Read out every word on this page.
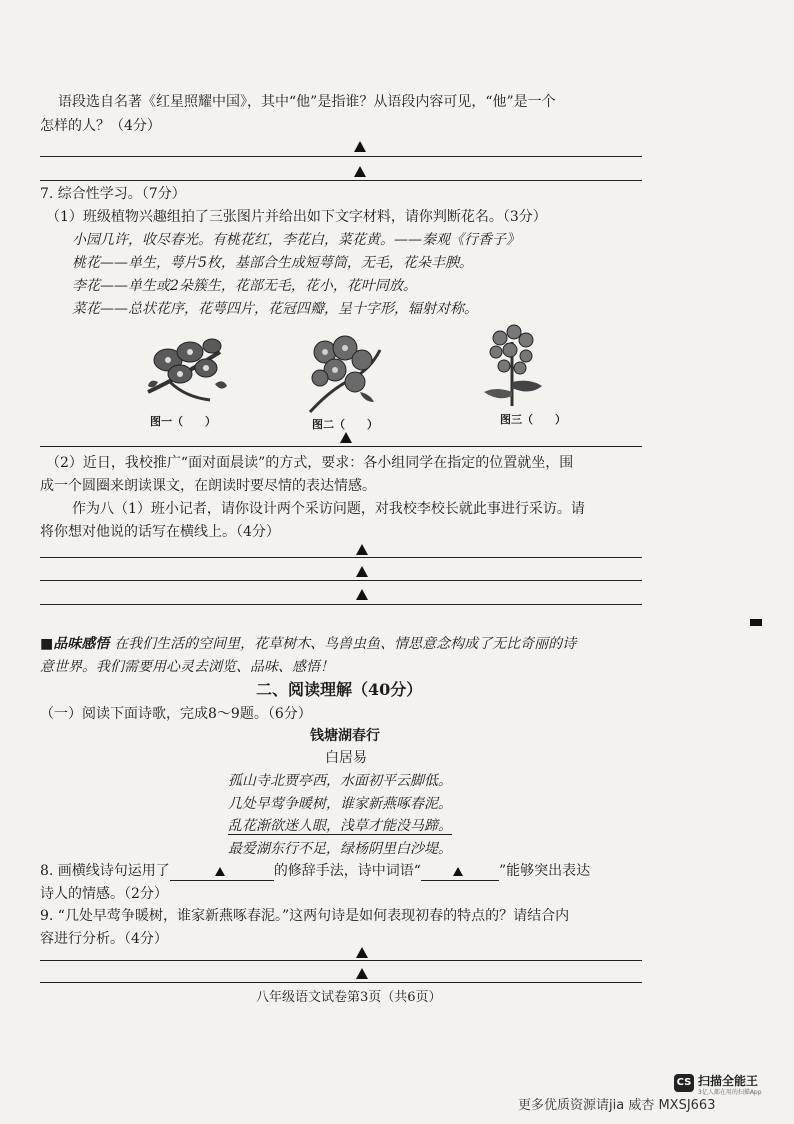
语段选自名著《红星照耀中国》，其中“他”是指谁？从语段内容可见，“他”是一个
怎样的人？（4分）
7. 综合性学习。（7分）
（1）班级植物兴趣组拍了三张图片并给出如下文字材料，请你判断花名。（3分）
小园几许，收尽春光。有桃花红，李花白，菜花黄。——秦观《行香子》
桃花——单生，萼片5枚，基部合生成短萼筒，无毛，花朵丰腴。
李花——单生或2朵簇生，花部无毛，花小，花叶同放。
菜花——总状花序，花萼四片，花冠四瓣，呈十字形，辐射对称。
图一（　　）	图二（　　）	图三（　　）
（2）近日，我校推广“面对面晨读”的方式，要求：各小组同学在指定的位置就坐，围
成一个圆圈来朗读课文，在朗读时要尽情的表达情感。
作为八（1）班小记者，请你设计两个采访问题，对我校李校长就此事进行采访。请
将你想对他说的话写在横线上。（4分）
■品味感悟 在我们生活的空间里，花草树木、鸟兽虫鱼、情思意念构成了无比奇丽的诗
意世界。我们需要用心灵去浏览、品味、感悟！
二、阅读理解（40分）
（一）阅读下面诗歌，完成8～9题。（6分）
钱塘湖春行
白居易
孤山寺北贾亭西，水面初平云脚低。
几处早莺争暖树，谁家新燕啄春泥。
乱花渐欲迷人眼，浅草才能没马蹄。
最爱湖东行不足，绿杨阴里白沙堤。
8. 画横线诗句运用了	的修辞手法，诗中词语“	”能够突出表达
诗人的情感。（2分）
9. “几处早莺争暖树，谁家新燕啄春泥。”这两句诗是如何表现初春的特点的？请结合内
容进行分析。（4分）
八年级语文试卷第3页（共6页）
CS 扫描全能王
3亿人都在用的扫描App
更多优质资源请jia 威杏 MXSJ663
